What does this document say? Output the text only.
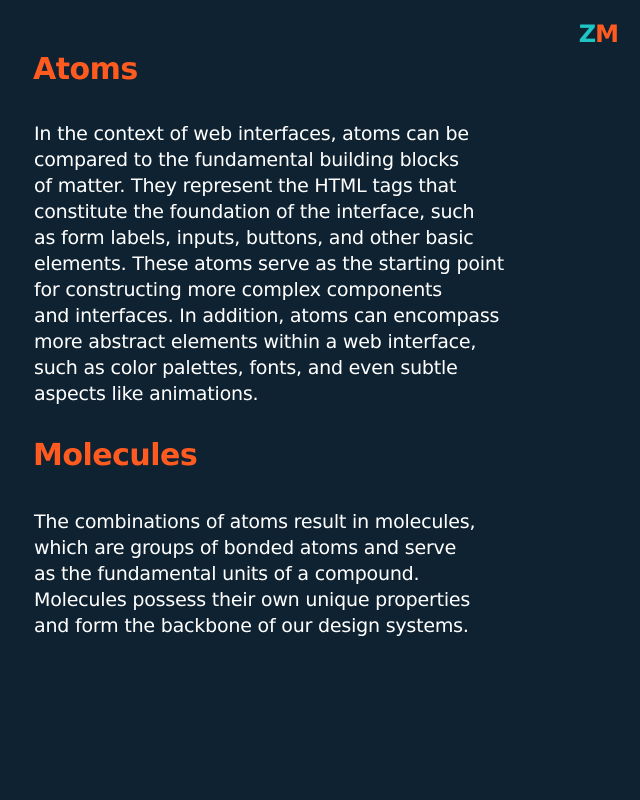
ZM
Atoms

In the context of web interfaces, atoms can be
compared to the fundamental building blocks
of matter. They represent the HTML tags that
constitute the foundation of the interface, such
as form labels, inputs, buttons, and other basic
elements. These atoms serve as the starting point
for constructing more complex components
and interfaces. In addition, atoms can encompass
more abstract elements within a web interface,
such as color palettes, fonts, and even subtle
aspects like animations.

Molecules

The combinations of atoms result in molecules,
which are groups of bonded atoms and serve
as the fundamental units of a compound.
Molecules possess their own unique properties
and form the backbone of our design systems.
